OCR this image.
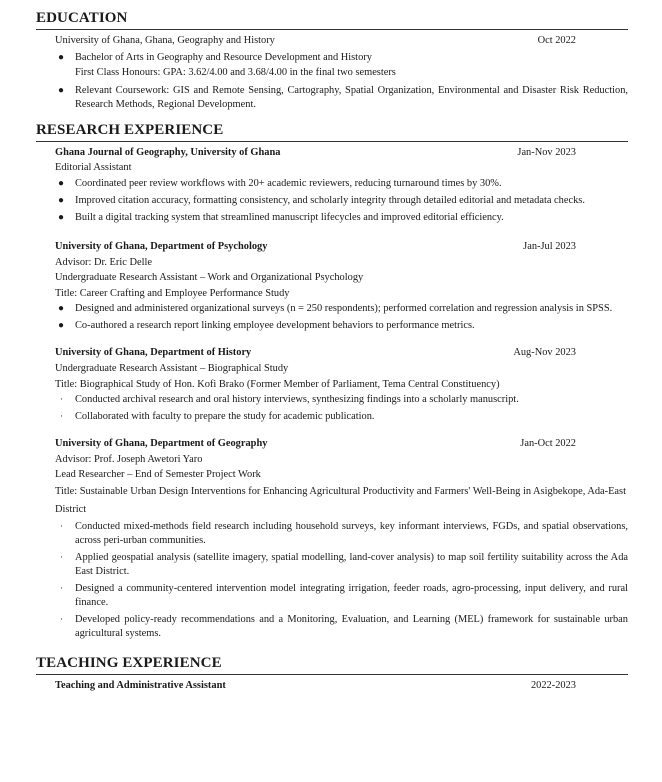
EDUCATION
University of Ghana, Ghana, Geography and History	Oct 2022
● Bachelor of Arts in Geography and Resource Development and History
First Class Honours: GPA: 3.62/4.00 and 3.68/4.00 in the final two semesters
● Relevant Coursework: GIS and Remote Sensing, Cartography, Spatial Organization, Environmental and Disaster Risk Reduction, Research Methods, Regional Development.
RESEARCH EXPERIENCE
Ghana Journal of Geography, University of Ghana	Jan-Nov 2023
Editorial Assistant
● Coordinated peer review workflows with 20+ academic reviewers, reducing turnaround times by 30%.
● Improved citation accuracy, formatting consistency, and scholarly integrity through detailed editorial and metadata checks.
● Built a digital tracking system that streamlined manuscript lifecycles and improved editorial efficiency.
University of Ghana, Department of Psychology	Jan-Jul 2023
Advisor: Dr. Eric Delle
Undergraduate Research Assistant – Work and Organizational Psychology
Title: Career Crafting and Employee Performance Study
● Designed and administered organizational surveys (n = 250 respondents); performed correlation and regression analysis in SPSS.
● Co-authored a research report linking employee development behaviors to performance metrics.
University of Ghana, Department of History	Aug-Nov 2023
Undergraduate Research Assistant – Biographical Study
Title: Biographical Study of Hon. Kofi Brako (Former Member of Parliament, Tema Central Constituency)
· Conducted archival research and oral history interviews, synthesizing findings into a scholarly manuscript.
· Collaborated with faculty to prepare the study for academic publication.
University of Ghana, Department of Geography	Jan-Oct 2022
Advisor: Prof. Joseph Awetori Yaro
Lead Researcher – End of Semester Project Work
Title: Sustainable Urban Design Interventions for Enhancing Agricultural Productivity and Farmers' Well-Being in Asigbekope, Ada-East District
· Conducted mixed-methods field research including household surveys, key informant interviews, FGDs, and spatial observations, across peri-urban communities.
· Applied geospatial analysis (satellite imagery, spatial modelling, land-cover analysis) to map soil fertility suitability across the Ada East District.
· Designed a community-centered intervention model integrating irrigation, feeder roads, agro-processing, input delivery, and rural finance.
· Developed policy-ready recommendations and a Monitoring, Evaluation, and Learning (MEL) framework for sustainable urban agricultural systems.
TEACHING EXPERIENCE
Teaching and Administrative Assistant	2022-2023
